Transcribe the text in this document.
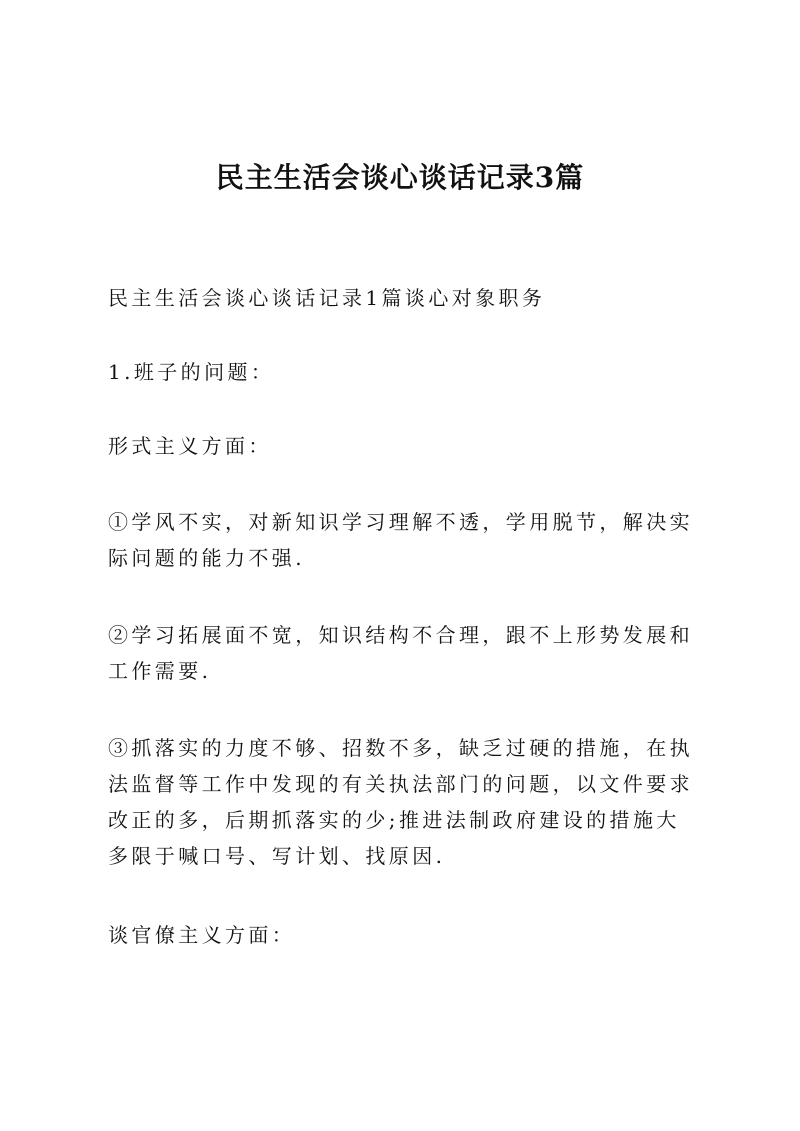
民主生活会谈心谈话记录3篇

民主生活会谈心谈话记录1篇谈心对象职务

1.班子的问题：

形式主义方面：

①学风不实，对新知识学习理解不透，学用脱节，解决实际问题的能力不强.

②学习拓展面不宽，知识结构不合理，跟不上形势发展和工作需要.

③抓落实的力度不够、招数不多，缺乏过硬的措施，在执法监督等工作中发现的有关执法部门的问题，以文件要求改正的多，后期抓落实的少;推进法制政府建设的措施大多限于喊口号、写计划、找原因.

谈官僚主义方面：
